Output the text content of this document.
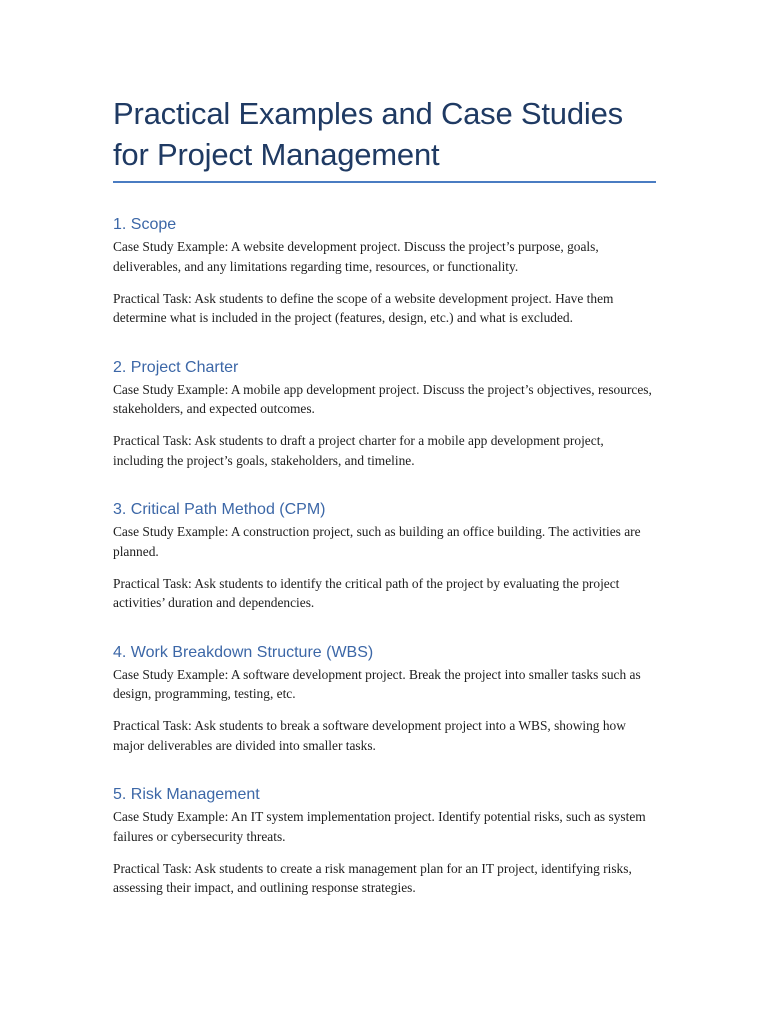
Practical Examples and Case Studies for Project Management
1. Scope

Case Study Example: A website development project. Discuss the project’s purpose, goals, deliverables, and any limitations regarding time, resources, or functionality.

Practical Task: Ask students to define the scope of a website development project. Have them determine what is included in the project (features, design, etc.) and what is excluded.

2. Project Charter

Case Study Example: A mobile app development project. Discuss the project’s objectives, resources, stakeholders, and expected outcomes.

Practical Task: Ask students to draft a project charter for a mobile app development project, including the project’s goals, stakeholders, and timeline.

3. Critical Path Method (CPM)

Case Study Example: A construction project, such as building an office building. The activities are planned.

Practical Task: Ask students to identify the critical path of the project by evaluating the project activities’ duration and dependencies.

4. Work Breakdown Structure (WBS)

Case Study Example: A software development project. Break the project into smaller tasks such as design, programming, testing, etc.

Practical Task: Ask students to break a software development project into a WBS, showing how major deliverables are divided into smaller tasks.

5. Risk Management

Case Study Example: An IT system implementation project. Identify potential risks, such as system failures or cybersecurity threats.

Practical Task: Ask students to create a risk management plan for an IT project, identifying risks, assessing their impact, and outlining response strategies.
